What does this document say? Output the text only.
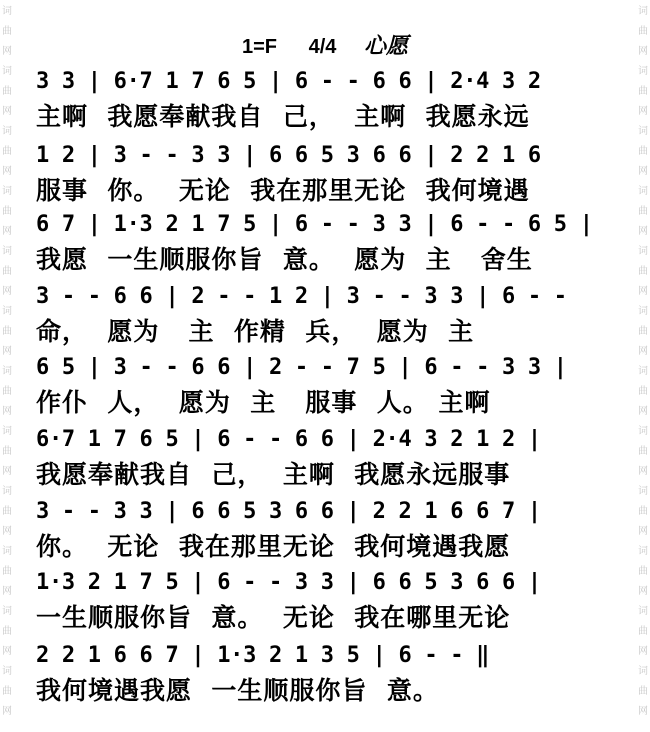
词
曲
网
词
曲
网
词
曲
网
词
曲
网
词
曲
网
词
曲
网
词
曲
网
词
曲
网
词
曲
网
词
曲
网
词
曲
网
词
曲
网
词
曲
网
词
曲
网
词
曲
网
词
曲
网
词
曲
网
词
曲
网
词
曲
网
词
曲
网
词
曲
网
词
曲
网
词
曲
网
词
曲
网
1=F 4/4 心愿
3 3 | 6·7 1 7 6 5 | 6 - - 6 6 | 2·4 3 2
主啊  我愿奉献我自  己，  主啊  我愿永远
1 2 | 3 - - 3 3 | 6 6 5 3 6 6 | 2 2 1 6
服事  你。  无论  我在那里无论  我何境遇
6 7 | 1·3 2 1 7 5 | 6 - - 3 3 | 6 - - 6 5 |
我愿  一生顺服你旨  意。  愿为  主   舍生
3 - - 6 6 | 2 - - 1 2 | 3 - - 3 3 | 6 - -
命，  愿为   主  作精  兵，  愿为  主
6 5 | 3 - - 6 6 | 2 - - 7 5 | 6 - - 3 3 |
作仆  人，  愿为  主   服事  人。 主啊
6·7 1 7 6 5 | 6 - - 6 6 | 2·4 3 2 1 2 |
我愿奉献我自  己，  主啊  我愿永远服事
3 - - 3 3 | 6 6 5 3 6 6 | 2 2 1 6 6 7 |
你。  无论  我在那里无论  我何境遇我愿
1·3 2 1 7 5 | 6 - - 3 3 | 6 6 5 3 6 6 |
一生顺服你旨  意。  无论  我在哪里无论
2 2 1 6 6 7 | 1·3 2 1 3 5 | 6 - - ‖
我何境遇我愿  一生顺服你旨  意。
